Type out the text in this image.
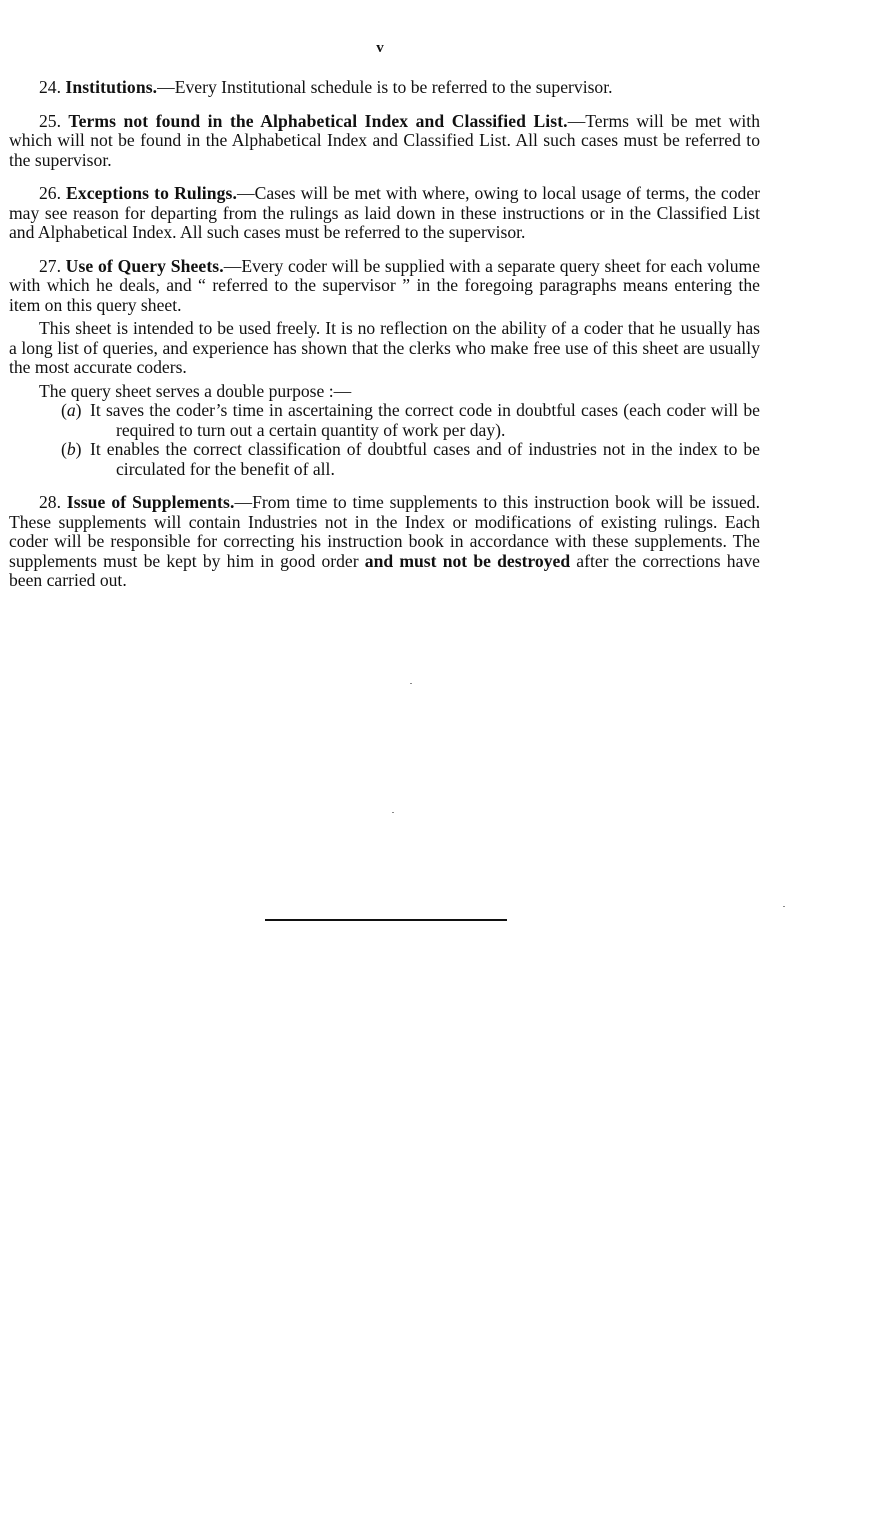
v

24. Institutions.—Every Institutional schedule is to be referred to the supervisor.

25. Terms not found in the Alphabetical Index and Classified List.—Terms will be met with which will not be found in the Alphabetical Index and Classified List. All such cases must be referred to the supervisor.

26. Exceptions to Rulings.—Cases will be met with where, owing to local usage of terms, the coder may see reason for departing from the rulings as laid down in these instructions or in the Classified List and Alphabetical Index. All such cases must be referred to the supervisor.

27. Use of Query Sheets.—Every coder will be supplied with a separate query sheet for each volume with which he deals, and “ referred to the supervisor ” in the foregoing paragraphs means entering the item on this query sheet.

This sheet is intended to be used freely. It is no reflection on the ability of a coder that he usually has a long list of queries, and experience has shown that the clerks who make free use of this sheet are usually the most accurate coders.

The query sheet serves a double purpose :—

(a) It saves the coder’s time in ascertaining the correct code in doubtful cases (each coder will be required to turn out a certain quantity of work per day).
(b) It enables the correct classification of doubtful cases and of industries not in the index to be circulated for the benefit of all.

28. Issue of Supplements.—From time to time supplements to this instruction book will be issued. These supplements will contain Industries not in the Index or modifications of existing rulings. Each coder will be responsible for correcting his instruction book in accordance with these supplements. The supplements must be kept by him in good order and must not be destroyed after the corrections have been carried out.
